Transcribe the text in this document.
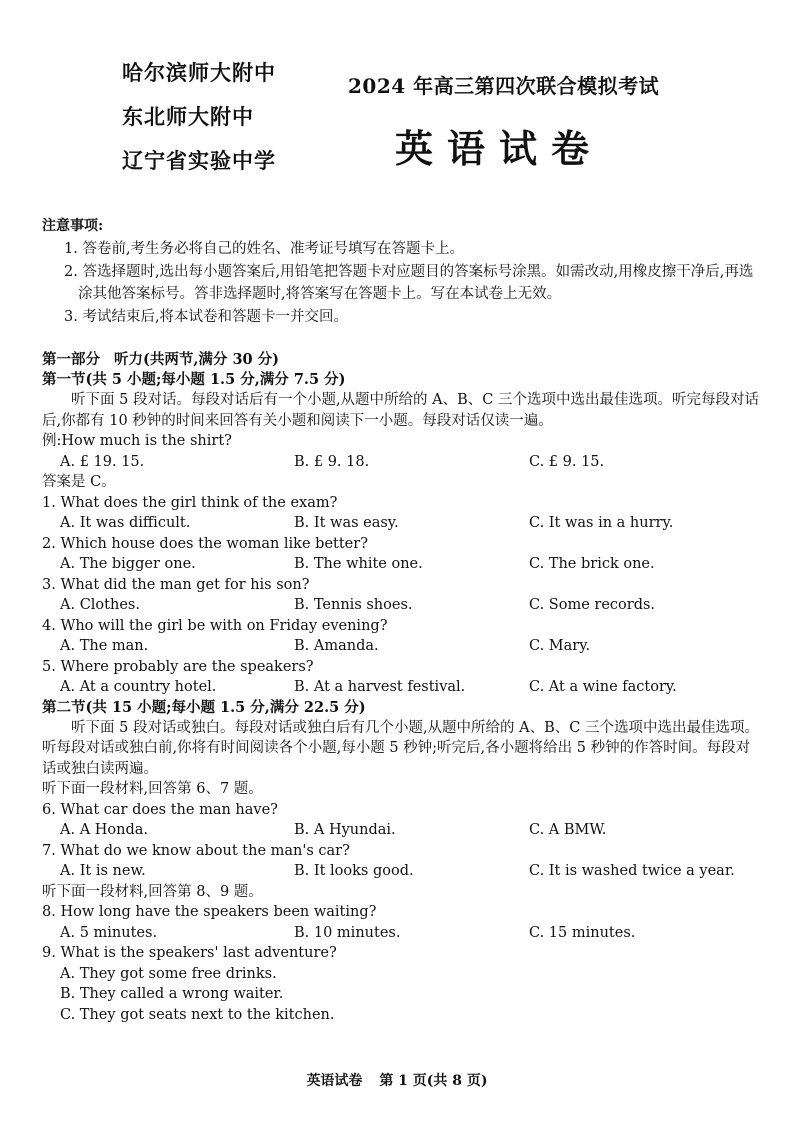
哈尔滨师大附中
东北师大附中
辽宁省实验中学
2024 年高三第四次联合模拟考试
英语试卷
注意事项:
1. 答卷前,考生务必将自己的姓名、准考证号填写在答题卡上。
2. 答选择题时,选出每小题答案后,用铅笔把答题卡对应题目的答案标号涂黑。如需改动,用橡皮擦干净后,再选涂其他答案标号。答非选择题时,将答案写在答题卡上。写在本试卷上无效。
3. 考试结束后,将本试卷和答题卡一并交回。
第一部分 听力(共两节,满分 30 分)
第一节(共 5 小题;每小题 1.5 分,满分 7.5 分)
听下面 5 段对话。每段对话后有一个小题,从题中所给的 A、B、C 三个选项中选出最佳选项。听完每段对话后,你都有 10 秒钟的时间来回答有关小题和阅读下一小题。每段对话仅读一遍。
例:How much is the shirt?
A. £ 19. 15.	B. £ 9. 18.	C. £ 9. 15.
答案是 C。
1. What does the girl think of the exam?
A. It was difficult.	B. It was easy.	C. It was in a hurry.
2. Which house does the woman like better?
A. The bigger one.	B. The white one.	C. The brick one.
3. What did the man get for his son?
A. Clothes.	B. Tennis shoes.	C. Some records.
4. Who will the girl be with on Friday evening?
A. The man.	B. Amanda.	C. Mary.
5. Where probably are the speakers?
A. At a country hotel.	B. At a harvest festival.	C. At a wine factory.
第二节(共 15 小题;每小题 1.5 分,满分 22.5 分)
听下面 5 段对话或独白。每段对话或独白后有几个小题,从题中所给的 A、B、C 三个选项中选出最佳选项。听每段对话或独白前,你将有时间阅读各个小题,每小题 5 秒钟;听完后,各小题将给出 5 秒钟的作答时间。每段对话或独白读两遍。
听下面一段材料,回答第 6、7 题。
6. What car does the man have?
A. A Honda.	B. A Hyundai.	C. A BMW.
7. What do we know about the man's car?
A. It is new.	B. It looks good.	C. It is washed twice a year.
听下面一段材料,回答第 8、9 题。
8. How long have the speakers been waiting?
A. 5 minutes.	B. 10 minutes.	C. 15 minutes.
9. What is the speakers' last adventure?
A. They got some free drinks.
B. They called a wrong waiter.
C. They got seats next to the kitchen.
英语试卷 第 1 页(共 8 页)
